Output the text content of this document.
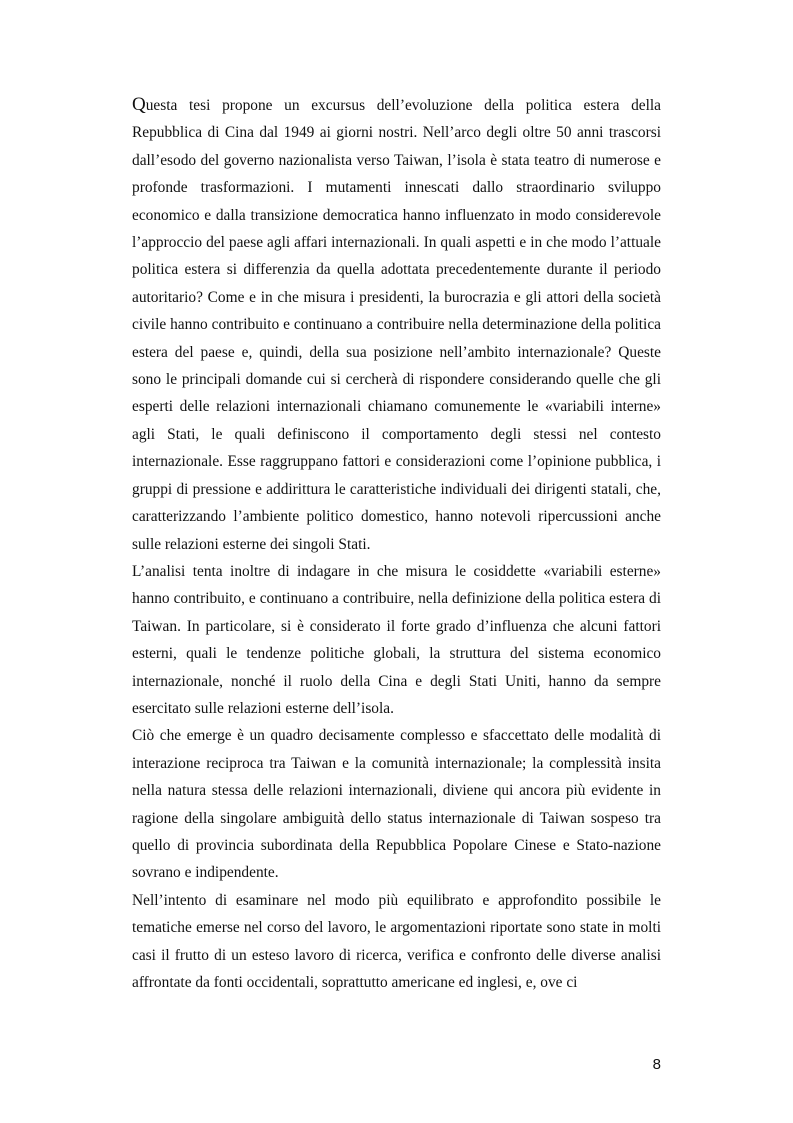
Questa tesi propone un excursus dell’evoluzione della politica estera della Repubblica di Cina dal 1949 ai giorni nostri. Nell’arco degli oltre 50 anni trascorsi dall’esodo del governo nazionalista verso Taiwan, l’isola è stata teatro di numerose e profonde trasformazioni. I mutamenti innescati dallo straordinario sviluppo economico e dalla transizione democratica hanno influenzato in modo considerevole l’approccio del paese agli affari internazionali. In quali aspetti e in che modo l’attuale politica estera si differenzia da quella adottata precedentemente durante il periodo autoritario? Come e in che misura i presidenti, la burocrazia e gli attori della società civile hanno contribuito e continuano a contribuire nella determinazione della politica estera del paese e, quindi, della sua posizione nell’ambito internazionale? Queste sono le principali domande cui si cercherà di rispondere considerando quelle che gli esperti delle relazioni internazionali chiamano comunemente le «variabili interne» agli Stati, le quali definiscono il comportamento degli stessi nel contesto internazionale. Esse raggruppano fattori e considerazioni come l’opinione pubblica, i gruppi di pressione e addirittura le caratteristiche individuali dei dirigenti statali, che, caratterizzando l’ambiente politico domestico, hanno notevoli ripercussioni anche sulle relazioni esterne dei singoli Stati.

L’analisi tenta inoltre di indagare in che misura le cosiddette «variabili esterne» hanno contribuito, e continuano a contribuire, nella definizione della politica estera di Taiwan. In particolare, si è considerato il forte grado d’influenza che alcuni fattori esterni, quali le tendenze politiche globali, la struttura del sistema economico internazionale, nonché il ruolo della Cina e degli Stati Uniti, hanno da sempre esercitato sulle relazioni esterne dell’isola.

Ciò che emerge è un quadro decisamente complesso e sfaccettato delle modalità di interazione reciproca tra Taiwan e la comunità internazionale; la complessità insita nella natura stessa delle relazioni internazionali, diviene qui ancora più evidente in ragione della singolare ambiguità dello status internazionale di Taiwan sospeso tra quello di provincia subordinata della Repubblica Popolare Cinese e Stato-nazione sovrano e indipendente.

Nell’intento di esaminare nel modo più equilibrato e approfondito possibile le tematiche emerse nel corso del lavoro, le argomentazioni riportate sono state in molti casi il frutto di un esteso lavoro di ricerca, verifica e confronto delle diverse analisi affrontate da fonti occidentali, soprattutto americane ed inglesi, e, ove ci

8
